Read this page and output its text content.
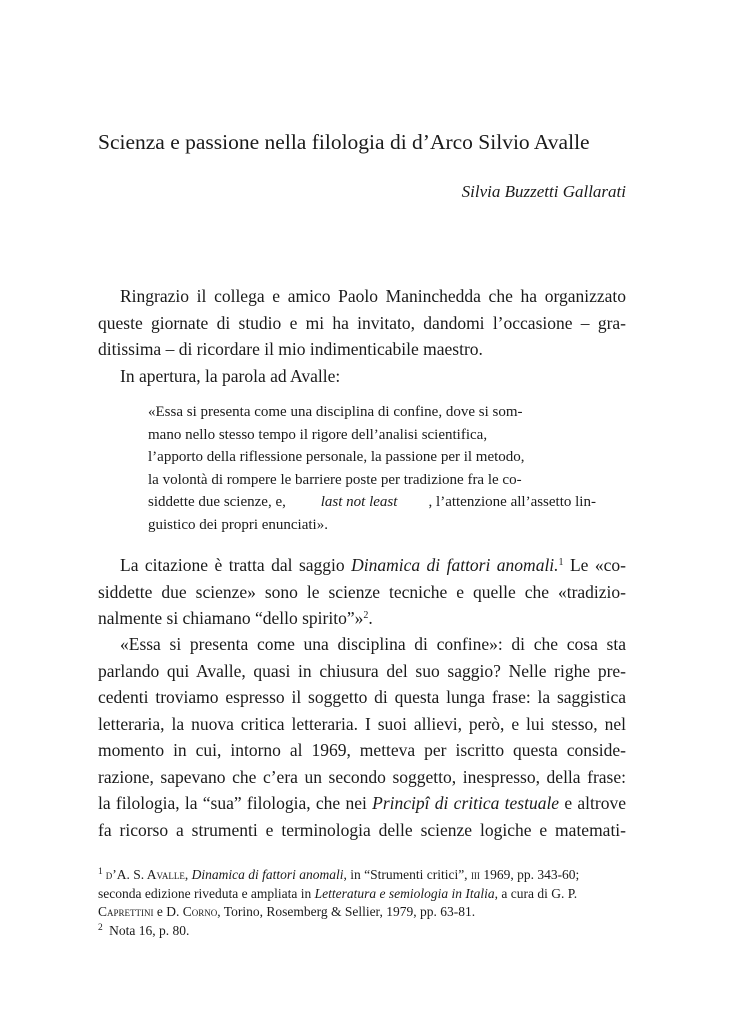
Scienza e passione nella filologia di d’Arco Silvio Avalle
Silvia Buzzetti Gallarati
Ringrazio il collega e amico Paolo Maninchedda che ha organizzato
queste giornate di studio e mi ha invitato, dandomi l’occasione – gra-
ditissima – di ricordare il mio indimenticabile maestro.
In apertura, la parola ad Avalle:
«Essa si presenta come una disciplina di confine, dove si som-
mano nello stesso tempo il rigore dell’analisi scientifica,
l’apporto della riflessione personale, la passione per il metodo,
la volontà di rompere le barriere poste per tradizione fra le co-
siddette due scienze, e, last not least , l’attenzione all’assetto lin-
guistico dei propri enunciati».
La citazione è tratta dal saggio Dinamica di fattori anomali.$^1$ Le «co-
siddette due scienze» sono le scienze tecniche e quelle che «tradizio-
nalmente si chiamano “dello spirito”»$^2$.
«Essa si presenta come una disciplina di confine»: di che cosa sta
parlando qui Avalle, quasi in chiusura del suo saggio? Nelle righe pre-
cedenti troviamo espresso il soggetto di questa lunga frase: la saggistica
letteraria, la nuova critica letteraria. I suoi allievi, però, e lui stesso, nel
momento in cui, intorno al 1969, metteva per iscritto questa conside-
razione, sapevano che c’era un secondo soggetto, inespresso, della frase:
la filologia, la “sua” filologia, che nei Principî di critica testuale e altrove
fa ricorso a strumenti e terminologia delle scienze logiche e matemati-
$^1$ d’A. S. Avalle, Dinamica di fattori anomali, in “Strumenti critici”, iii 1969, pp. 343-60;
seconda edizione riveduta e ampliata in Letteratura e semiologia in Italia, a cura di G. P.
Caprettini e D. Corno, Torino, Rosemberg & Sellier, 1979, pp. 63-81.
$^2$ Nota 16, p. 80.
